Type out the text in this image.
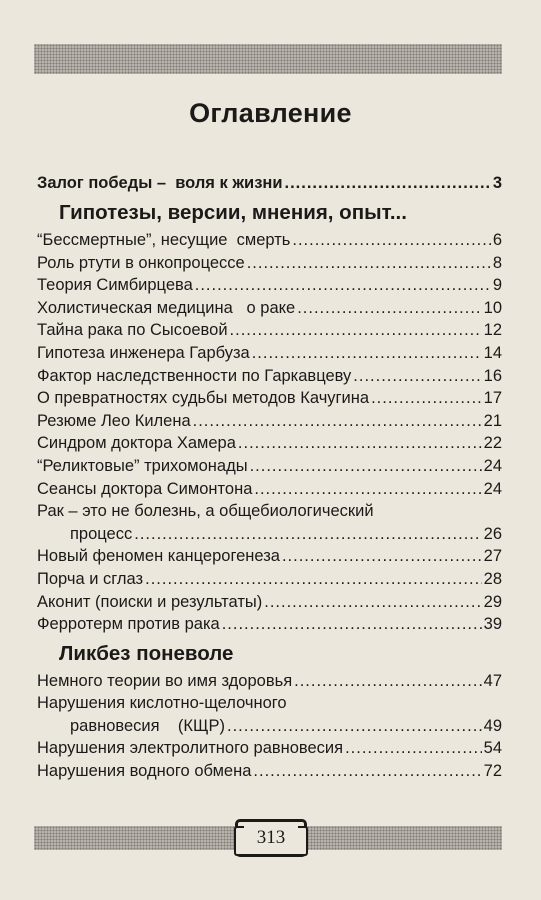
Оглавление
Залог победы –  воля к жизни .....	3
Гипотезы, версии, мнения, опыт...
“Бессмертные”, несущие  смерть .....	6
Роль ртути в онкопроцессе .....	8
Теория Симбирцева .....	9
Холистическая медицина   о раке .....	10
Тайна рака по Сысоевой .....	12
Гипотеза инженера Гарбуза .....	14
Фактор наследственности по Гаркавцеву .....	16
О превратностях судьбы методов Качугина .....	17
Резюме Лео Килена .....	21
Синдром доктора Хамера .....	22
“Реликтовые” трихомонады .....	24
Сеансы доктора Симонтона .....	24
Рак – это не болезнь, а общебиологический
процесс .....	26
Новый феномен канцерогенеза .....	27
Порча и сглаз .....	28
Аконит (поиски и результаты) .....	29
Ферротерм против рака .....	39
Ликбез поневоле
Немного теории во имя здоровья .....	47
Нарушения кислотно-щелочного
равновесия    (КЩР) .....	49
Нарушения электролитного равновесия .....	54
Нарушения водного обмена .....	72
313
